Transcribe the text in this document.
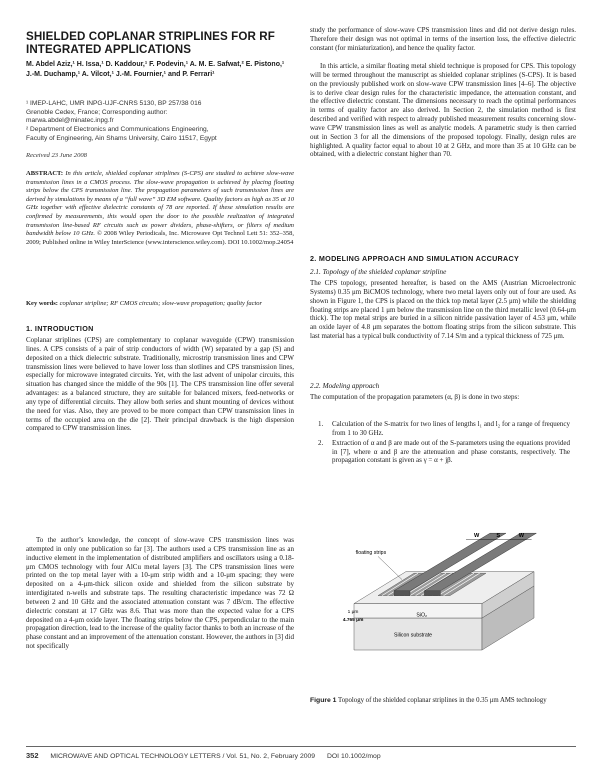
SHIELDED COPLANAR STRIPLINES FOR RF INTEGRATED APPLICATIONS
M. Abdel Aziz,¹ H. Issa,¹ D. Kaddour,¹ F. Podevin,¹ A. M. E. Safwat,² E. Pistono,¹ J.-M. Duchamp,¹ A. Vilcot,¹ J.-M. Fournier,¹ and P. Ferrari¹
¹ IMEP-LAHC, UMR INPG-UJF-CNRS 5130, BP 257/38 016
Grenoble Cedex, France; Corresponding author:
marwa.abdel@minatec.inpg.fr
² Department of Electronics and Communications Engineering,
Faculty of Engineering, Ain Shams University, Cairo 11517, Egypt
Received 23 June 2008
ABSTRACT: In this article, shielded coplanar striplines (S-CPS) are studied to achieve slow-wave transmission lines in a CMOS process. The slow-wave propagation is achieved by placing floating strips below the CPS transmission line. The propagation parameters of such transmission lines are derived by simulations by means of a “full wave” 3D EM software. Quality factors as high as 35 at 10 GHz together with effective dielectric constants of 78 are reported. If these simulation results are confirmed by measurements, this would open the door to the possible realization of integrated transmission line-based RF circuits such as power dividers, phase-shifters, or filters of medium bandwidth below 10 GHz. © 2008 Wiley Periodicals, Inc. Microwave Opt Technol Lett 51: 352–358, 2009; Published online in Wiley InterScience (www.interscience.wiley.com). DOI 10.1002/mop.24054
Key words: coplanar stripline; RF CMOS circuits; slow-wave propagation; quality factor
1. INTRODUCTION
Coplanar striplines (CPS) are complementary to coplanar waveguide (CPW) transmission lines. A CPS consists of a pair of strip conductors of width (W) separated by a gap (S) and deposited on a thick dielectric substrate. Traditionally, microstrip transmission lines and CPW transmission lines were believed to have lower loss than slotlines and CPS transmission lines, especially for microwave integrated circuits. Yet, with the last advent of unipolar circuits, this situation has changed since the middle of the 90s [1]. The CPS transmission line offer several advantages: as a balanced structure, they are suitable for balanced mixers, feed-networks or any type of differential circuits. They allow both series and shunt mounting of devices without the need for vias. Also, they are proved to be more compact than CPW transmission lines in terms of the occupied area on the die [2]. Their principal drawback is the high dispersion compared to CPW transmission lines.
To the author’s knowledge, the concept of slow-wave CPS transmission lines was attempted in only one publication so far [3]. The authors used a CPS transmission line as an inductive element in the implementation of distributed amplifiers and oscillators using a 0.18-μm CMOS technology with four AlCu metal layers [3]. The CPS transmission lines were printed on the top metal layer with a 10-μm strip width and a 10-μm spacing; they were deposited on a 4-μm-thick silicon oxide and shielded from the silicon substrate by interdigitated n-wells and substrate taps. The resulting characteristic impedance was 72 Ω between 2 and 10 GHz and the associated attenuation constant was 7 dB/cm. The effective dielectric constant at 17 GHz was 8.6. That was more than the expected value for a CPS deposited on a 4-μm oxide layer. The floating strips below the CPS, perpendicular to the main propagation direction, lead to the increase of the quality factor thanks to both an increase of the phase constant and an improvement of the attenuation constant. However, the authors in [3] did not specifically
study the performance of slow-wave CPS transmission lines and did not derive design rules. Therefore their design was not optimal in terms of the insertion loss, the effective dielectric constant (for miniaturization), and hence the quality factor.
In this article, a similar floating metal shield technique is proposed for CPS. This topology will be termed throughout the manuscript as shielded coplanar striplines (S-CPS). It is based on the previously published work on slow-wave CPW transmission lines [4–6]. The objective is to derive clear design rules for the characteristic impedance, the attenuation constant, and the effective dielectric constant. The dimensions necessary to reach the optimal performances in terms of quality factor are also derived. In Section 2, the simulation method is first described and verified with respect to already published measurement results concerning slow-wave CPW transmission lines as well as analytic models. A parametric study is then carried out in Section 3 for all the dimensions of the proposed topology. Finally, design rules are highlighted. A quality factor equal to about 10 at 2 GHz, and more than 35 at 10 GHz can be obtained, with a dielectric constant higher than 70.
2. MODELING APPROACH AND SIMULATION ACCURACY
2.1. Topology of the shielded coplanar stripline
The CPS topology, presented hereafter, is based on the AMS (Austrian Microelectronic Systems) 0.35 μm BiCMOS technology, where two metal layers only out of four are used. As shown in Figure 1, the CPS is placed on the thick top metal layer (2.5 μm) while the shielding floating strips are placed 1 μm below the transmission line on the third metallic level (0.64-μm thick). The top metal strips are buried in a silicon nitride passivation layer of 4.53 μm, while an oxide layer of 4.8 μm separates the bottom floating strips from the silicon substrate. This last material has a typical bulk conductivity of 7.14 S/m and a typical thickness of 725 μm.
2.2. Modeling approach
The computation of the propagation parameters (α, β) is done in two steps:
1. Calculation of the S-matrix for two lines of lengths l₁ and l₂ for a range of frequency from 1 to 30 GHz.
2. Extraction of α and β are made out of the S-parameters using the equations provided in [7], where α and β are the attenuation and phase constants, respectively. The propagation constant is given as γ = α + jβ.
W S	W
floating strips
1 μm
4.765 μm
SiO₂
Silicon substrate
Figure 1 Topology of the shielded coplanar striplines in the 0.35 μm AMS technology
352 MICROWAVE AND OPTICAL TECHNOLOGY LETTERS / Vol. 51, No. 2, February 2009 DOI 10.1002/mop
